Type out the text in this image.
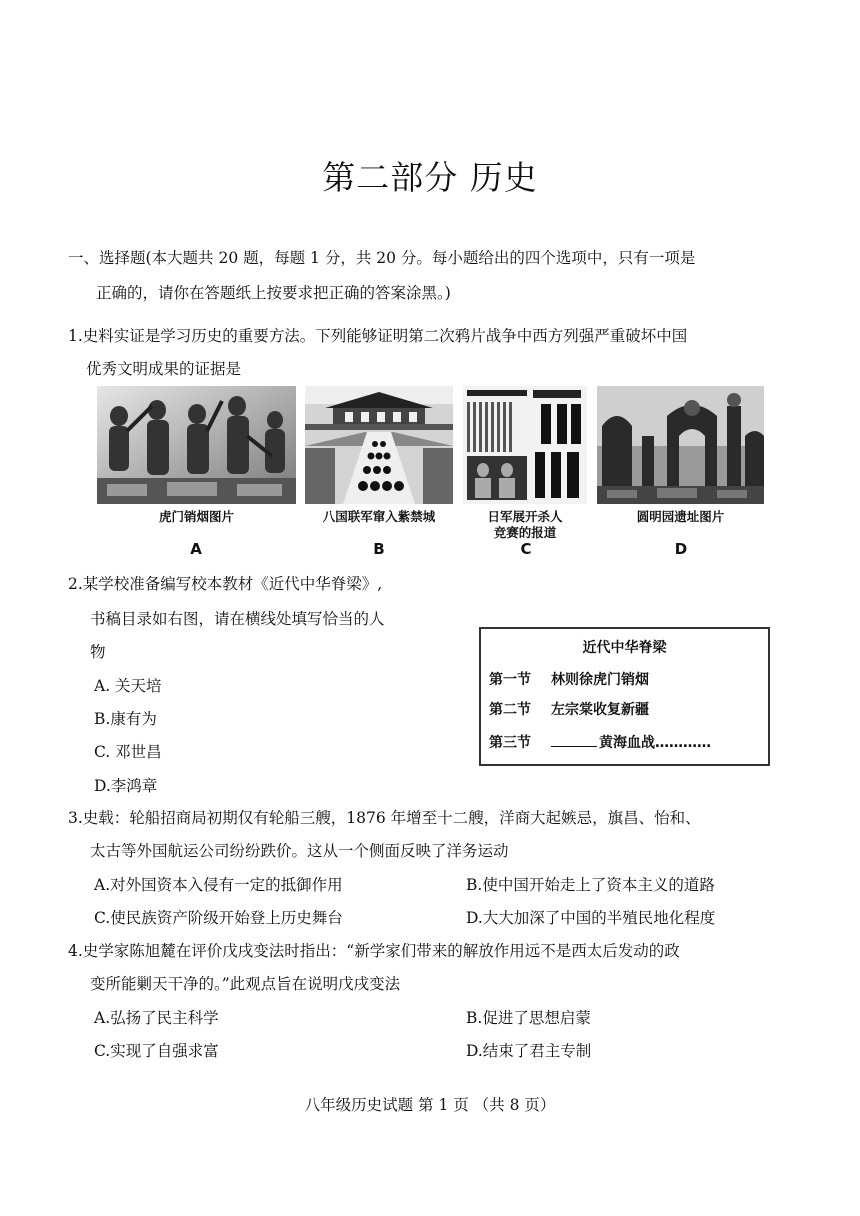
第二部分 历史
一、选择题(本大题共 20 题，每题 1 分，共 20 分。每小题给出的四个选项中，只有一项是
正确的，请你在答题纸上按要求把正确的答案涂黑。)
1.史料实证是学习历史的重要方法。下列能够证明第二次鸦片战争中西方列强严重破坏中国
优秀文明成果的证据是
虎门销烟图片
A
八国联军窜入紫禁城
B
日军展开杀人
竞赛的报道
C
圆明园遗址图片
D
2.某学校准备编写校本教材《近代中华脊梁》,
书稿目录如右图，请在横线处填写恰当的人
物
A. 关天培
B.康有为
C. 邓世昌
D.李鸿章
近代中华脊梁
第一节 林则徐虎门销烟
第二节 左宗棠收复新疆
第三节	黄海血战…………
3.史载：轮船招商局初期仅有轮船三艘，1876 年增至十二艘，洋商大起嫉忌，旗昌、怡和、
太古等外国航运公司纷纷跌价。这从一个侧面反映了洋务运动
A.对外国资本入侵有一定的抵御作用	B.使中国开始走上了资本主义的道路
C.使民族资产阶级开始登上历史舞台	D.大大加深了中国的半殖民地化程度
4.史学家陈旭麓在评价戊戌变法时指出：“新学家们带来的解放作用远不是西太后发动的政
变所能剿天干净的。”此观点旨在说明戊戌变法
A.弘扬了民主科学	B.促进了思想启蒙
C.实现了自强求富	D.结束了君主专制
八年级历史试题 第 1 页 （共 8 页）
